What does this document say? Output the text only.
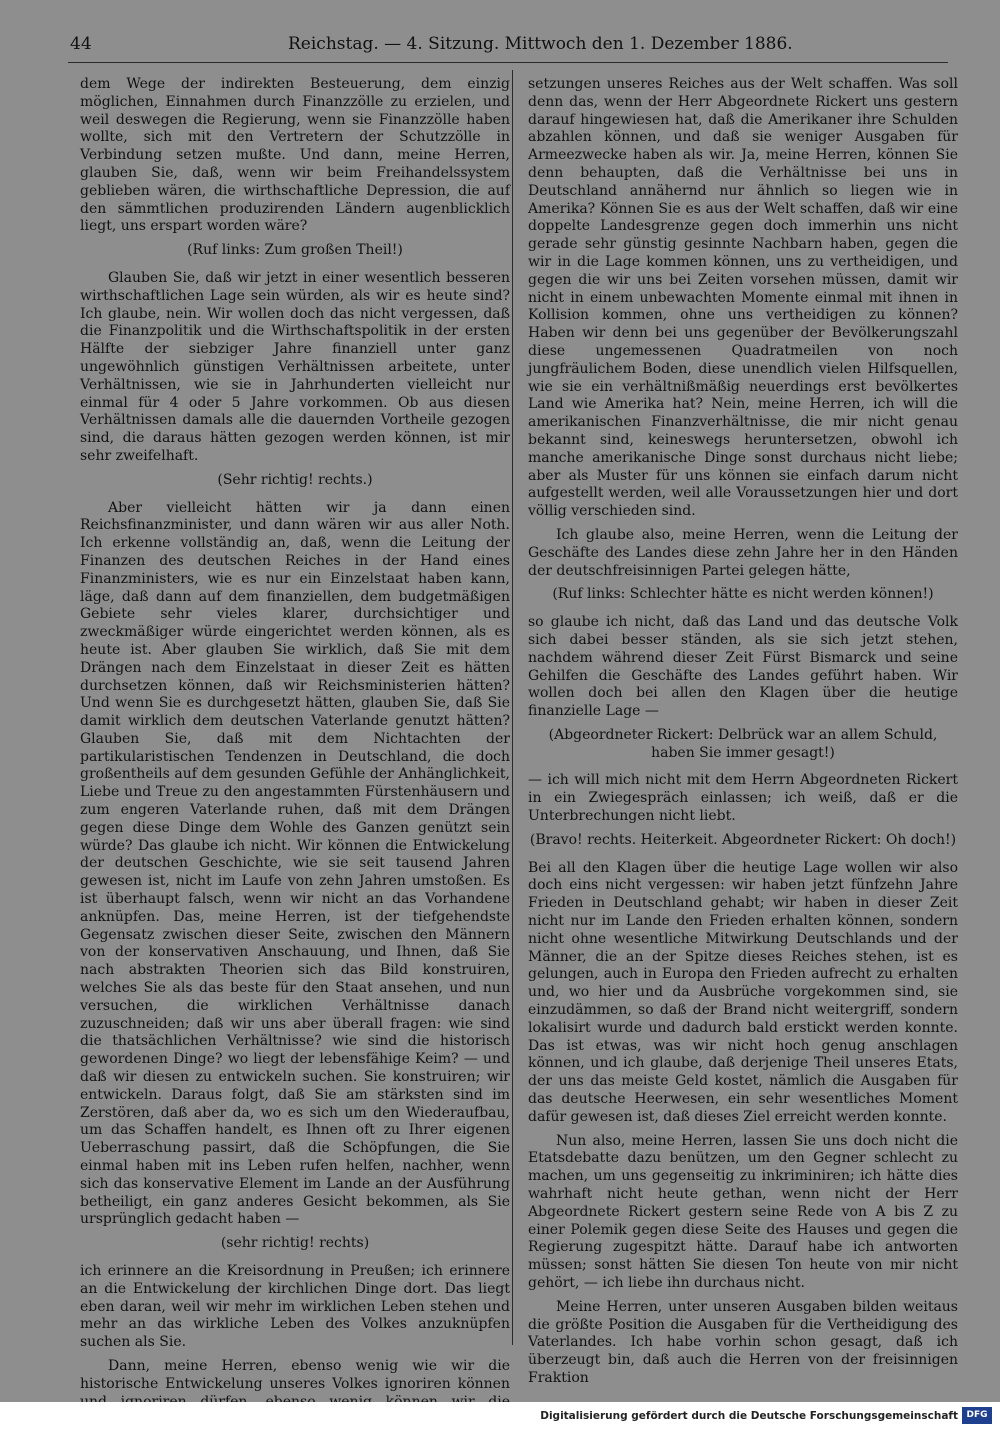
44	Reichstag. — 4. Sitzung. Mittwoch den 1. Dezember 1886.

dem Wege der indirekten Besteuerung, dem einzig möglichen, Einnahmen durch Finanzzölle zu erzielen, und weil deswegen die Regierung, wenn sie Finanzzölle haben wollte, sich mit den Vertretern der Schutzzölle in Verbindung setzen mußte. Und dann, meine Herren, glauben Sie, daß, wenn wir beim Freihandelssystem geblieben wären, die wirthschaftliche Depression, die auf den sämmtlichen produzirenden Ländern augenblicklich liegt, uns erspart worden wäre?

(Ruf links: Zum großen Theil!)

Glauben Sie, daß wir jetzt in einer wesentlich besseren wirthschaftlichen Lage sein würden, als wir es heute sind? Ich glaube, nein. Wir wollen doch das nicht vergessen, daß die Finanzpolitik und die Wirthschaftspolitik in der ersten Hälfte der siebziger Jahre finanziell unter ganz ungewöhnlich günstigen Verhältnissen arbeitete, unter Verhältnissen, wie sie in Jahrhunderten vielleicht nur einmal für 4 oder 5 Jahre vorkommen. Ob aus diesen Verhältnissen damals alle die dauernden Vortheile gezogen sind, die daraus hätten gezogen werden können, ist mir sehr zweifelhaft.

(Sehr richtig! rechts.)

Aber vielleicht hätten wir ja dann einen Reichsfinanzminister, und dann wären wir aus aller Noth. Ich erkenne vollständig an, daß, wenn die Leitung der Finanzen des deutschen Reiches in der Hand eines Finanzministers, wie es nur ein Einzelstaat haben kann, läge, daß dann auf dem finanziellen, dem budgetmäßigen Gebiete sehr vieles klarer, durchsichtiger und zweckmäßiger würde eingerichtet werden können, als es heute ist. Aber glauben Sie wirklich, daß Sie mit dem Drängen nach dem Einzelstaat in dieser Zeit es hätten durchsetzen können, daß wir Reichsministerien hätten? Und wenn Sie es durchgesetzt hätten, glauben Sie, daß Sie damit wirklich dem deutschen Vaterlande genutzt hätten? Glauben Sie, daß mit dem Nichtachten der partikularistischen Tendenzen in Deutschland, die doch großentheils auf dem gesunden Gefühle der Anhänglichkeit, Liebe und Treue zu den angestammten Fürstenhäusern und zum engeren Vaterlande ruhen, daß mit dem Drängen gegen diese Dinge dem Wohle des Ganzen genützt sein würde? Das glaube ich nicht. Wir können die Entwickelung der deutschen Geschichte, wie sie seit tausend Jahren gewesen ist, nicht im Laufe von zehn Jahren umstoßen. Es ist überhaupt falsch, wenn wir nicht an das Vorhandene anknüpfen. Das, meine Herren, ist der tiefgehendste Gegensatz zwischen dieser Seite, zwischen den Männern von der konservativen Anschauung, und Ihnen, daß Sie nach abstrakten Theorien sich das Bild konstruiren, welches Sie als das beste für den Staat ansehen, und nun versuchen, die wirklichen Verhältnisse danach zuzuschneiden; daß wir uns aber überall fragen: wie sind die thatsächlichen Verhältnisse? wie sind die historisch gewordenen Dinge? wo liegt der lebensfähige Keim? — und daß wir diesen zu entwickeln suchen. Sie konstruiren; wir entwickeln. Daraus folgt, daß Sie am stärksten sind im Zerstören, daß aber da, wo es sich um den Wiederaufbau, um das Schaffen handelt, es Ihnen oft zu Ihrer eigenen Ueberraschung passirt, daß die Schöpfungen, die Sie einmal haben mit ins Leben rufen helfen, nachher, wenn sich das konservative Element im Lande an der Ausführung betheiligt, ein ganz anderes Gesicht bekommen, als Sie ursprünglich gedacht haben —

(sehr richtig! rechts)

ich erinnere an die Kreisordnung in Preußen; ich erinnere an die Entwickelung der kirchlichen Dinge dort. Das liegt eben daran, weil wir mehr im wirklichen Leben stehen und mehr an das wirkliche Leben des Volkes anzuknüpfen suchen als Sie.

Dann, meine Herren, ebenso wenig wie wir die historische Entwickelung unseres Volkes ignoriren können

setzungen unseres Reiches aus der Welt schaffen. Was soll denn das, wenn der Herr Abgeordnete Rickert uns gestern darauf hingewiesen hat, daß die Amerikaner ihre Schulden abzahlen können, und daß sie weniger Ausgaben für Armeezwecke haben als wir. Ja, meine Herren, können Sie denn behaupten, daß die Verhältnisse bei uns in Deutschland annähernd nur ähnlich so liegen wie in Amerika? Können Sie es aus der Welt schaffen, daß wir eine doppelte Landesgrenze gegen doch immerhin uns nicht gerade sehr günstig gesinnte Nachbarn haben, gegen die wir in die Lage kommen können, uns zu vertheidigen, und gegen die wir uns bei Zeiten vorsehen müssen, damit wir nicht in einem unbewachten Momente einmal mit ihnen in Kollision kommen, ohne uns vertheidigen zu können? Haben wir denn bei uns gegenüber der Bevölkerungszahl diese ungemessenen Quadratmeilen von noch jungfräulichem Boden, diese unendlich vielen Hilfsquellen, wie sie ein verhältnißmäßig neuerdings erst bevölkertes Land wie Amerika hat? Nein, meine Herren, ich will die amerikanischen Finanzverhältnisse, die mir nicht genau bekannt sind, keineswegs heruntersetzen, obwohl ich manche amerikanische Dinge sonst durchaus nicht liebe; aber als Muster für uns können sie einfach darum nicht aufgestellt werden, weil alle Voraussetzungen hier und dort völlig verschieden sind.

Ich glaube also, meine Herren, wenn die Leitung der Geschäfte des Landes diese zehn Jahre her in den Händen der deutschfreisinnigen Partei gelegen hätte,

(Ruf links: Schlechter hätte es nicht werden können!)

so glaube ich nicht, daß das Land und das deutsche Volk sich dabei besser ständen, als sie sich jetzt stehen, nachdem während dieser Zeit Fürst Bismarck und seine Gehilfen die Geschäfte des Landes geführt haben. Wir wollen doch bei allen den Klagen über die heutige finanzielle Lage —

(Abgeordneter Rickert: Delbrück war an allem Schuld, haben Sie immer gesagt!)

— ich will mich nicht mit dem Herrn Abgeordneten Rickert in ein Zwiegespräch einlassen; ich weiß, daß er die Unterbrechungen nicht liebt.

(Bravo! rechts. Heiterkeit. Abgeordneter Rickert: Oh doch!)

Bei all den Klagen über die heutige Lage wollen wir also doch eins nicht vergessen: wir haben jetzt fünfzehn Jahre Frieden in Deutschland gehabt; wir haben in dieser Zeit nicht nur im Lande den Frieden erhalten können, sondern nicht ohne wesentliche Mitwirkung Deutschlands und der Männer, die an der Spitze dieses Reiches stehen, ist es gelungen, auch in Europa den Frieden aufrecht zu erhalten und, wo hier und da Ausbrüche vorgekommen sind, sie einzudämmen, so daß der Brand nicht weitergriff, sondern lokalisirt wurde und dadurch bald erstickt werden konnte. Das ist etwas, was wir nicht hoch genug anschlagen können, und ich glaube, daß derjenige Theil unseres Etats, der uns das meiste Geld kostet, nämlich die Ausgaben für das deutsche Heerwesen, ein sehr wesentliches Moment dafür gewesen ist, daß dieses Ziel erreicht werden konnte.

Nun also, meine Herren, lassen Sie uns doch nicht die Etatsdebatte dazu benützen, um den Gegner schlecht zu machen, um uns gegenseitig zu inkriminiren; ich hätte dies wahrhaft nicht heute gethan, wenn nicht der Herr Abgeordnete Rickert gestern seine Rede von A bis Z zu einer Polemik gegen diese Seite des Hauses und gegen die Regierung zugespitzt hätte. Darauf habe ich antworten müssen; sonst hätten Sie diesen Ton heute von mir nicht gehört, — ich liebe ihn durchaus nicht.

Meine Herren, unter unseren Ausgaben bilden weitaus die größte Position die Ausgaben für die Vertheidigung des Vaterlandes. Ich habe vorhin schon gesagt, daß ich überzeugt bin, daß auch die Herren von der freisinnigen Fraktion

Digitalisierung gefördert durch die Deutsche Forschungsgemeinschaft DFG
